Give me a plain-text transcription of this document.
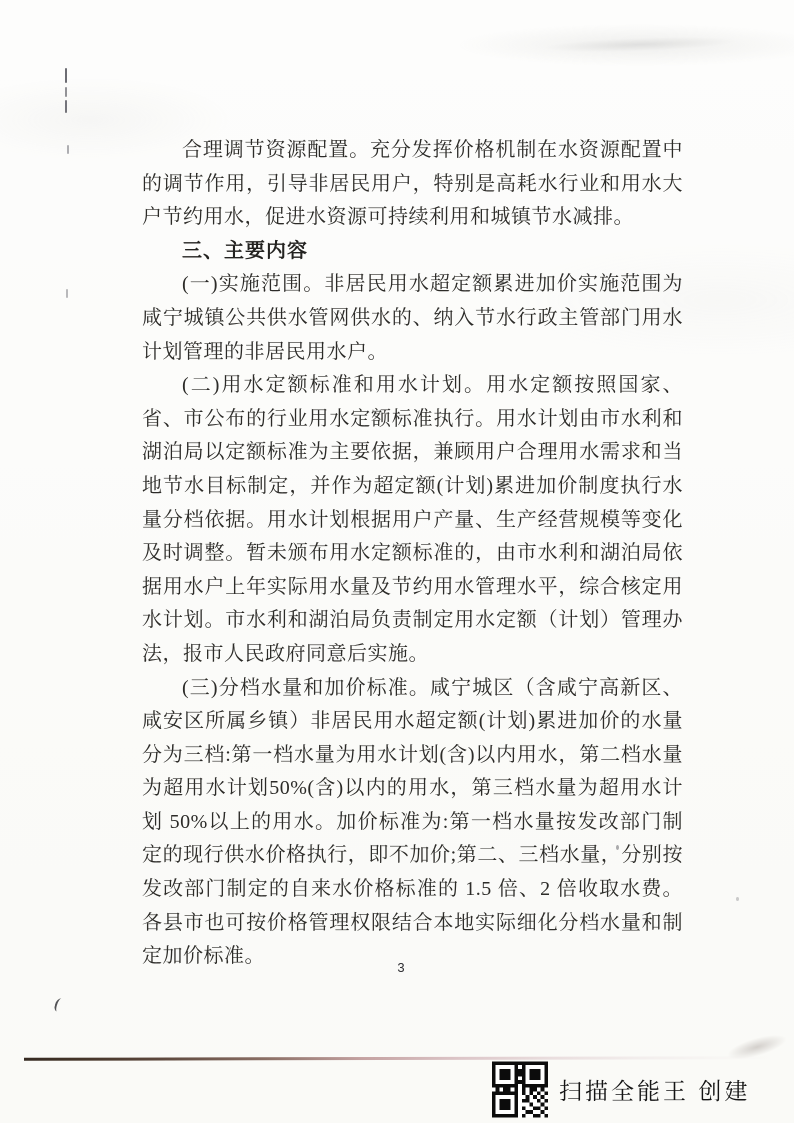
合理调节资源配置。充分发挥价格机制在水资源配置中的调节作用，引导非居民用户，特别是高耗水行业和用水大户节约用水，促进水资源可持续利用和城镇节水减排。

三、主要内容

(一)实施范围。非居民用水超定额累进加价实施范围为咸宁城镇公共供水管网供水的、纳入节水行政主管部门用水计划管理的非居民用水户。

(二)用水定额标准和用水计划。用水定额按照国家、省、市公布的行业用水定额标准执行。用水计划由市水利和湖泊局以定额标准为主要依据，兼顾用户合理用水需求和当地节水目标制定，并作为超定额(计划)累进加价制度执行水量分档依据。用水计划根据用户产量、生产经营规模等变化及时调整。暂未颁布用水定额标准的，由市水利和湖泊局依据用水户上年实际用水量及节约用水管理水平，综合核定用水计划。市水利和湖泊局负责制定用水定额（计划）管理办法，报市人民政府同意后实施。

(三)分档水量和加价标准。咸宁城区（含咸宁高新区、咸安区所属乡镇）非居民用水超定额(计划)累进加价的水量分为三档:第一档水量为用水计划(含)以内用水，第二档水量为超用水计划50%(含)以内的用水，第三档水量为超用水计划 50%以上的用水。加价标准为:第一档水量按发改部门制定的现行供水价格执行，即不加价;第二、三档水量，分别按发改部门制定的自来水价格标准的 1.5 倍、2 倍收取水费。各县市也可按价格管理权限结合本地实际细化分档水量和制定加价标准。

3
扫描全能王 创建
